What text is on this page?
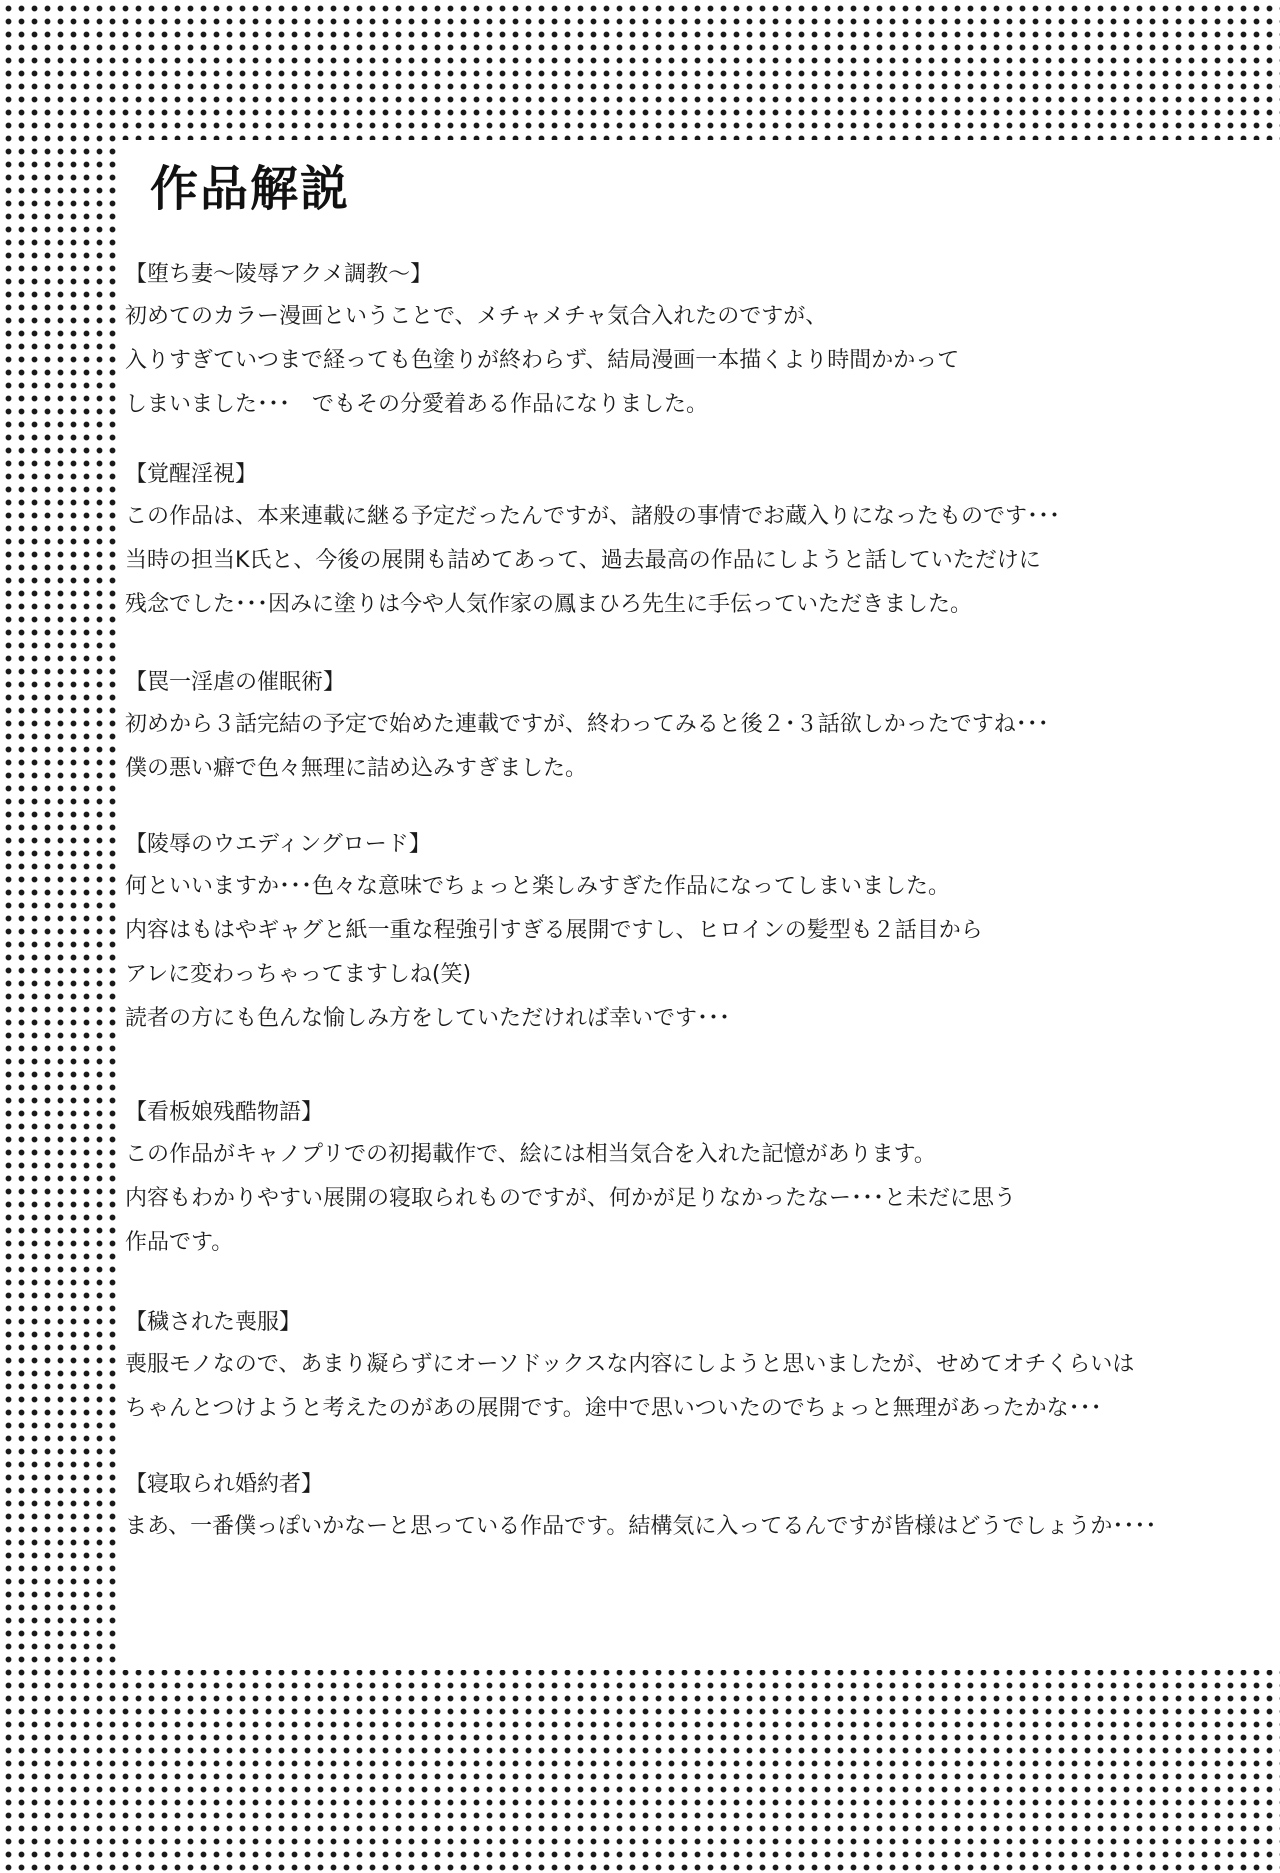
作品解説
【堕ち妻～陵辱アクメ調教～】
初めてのカラー漫画ということで、メチャメチャ気合入れたのですが、
入りすぎていつまで経っても色塗りが終わらず、結局漫画一本描くより時間かかって
しまいました･･･　でもその分愛着ある作品になりました。
【覚醒淫視】
この作品は、本来連載に継る予定だったんですが、諸般の事情でお蔵入りになったものです･･･
当時の担当K氏と、今後の展開も詰めてあって、過去最高の作品にしようと話していただけに
残念でした･･･因みに塗りは今や人気作家の鳳まひろ先生に手伝っていただきました。
【罠一淫虐の催眠術】
初めから３話完結の予定で始めた連載ですが、終わってみると後２･３話欲しかったですね･･･
僕の悪い癖で色々無理に詰め込みすぎました。
【陵辱のウエディングロード】
何といいますか･･･色々な意味でちょっと楽しみすぎた作品になってしまいました。
内容はもはやギャグと紙一重な程強引すぎる展開ですし、ヒロインの髪型も２話目から
アレに変わっちゃってますしね(笑)
読者の方にも色んな愉しみ方をしていただければ幸いです･･･
【看板娘残酷物語】
この作品がキャノプリでの初掲載作で、絵には相当気合を入れた記憶があります。
内容もわかりやすい展開の寝取られものですが、何かが足りなかったなー･･･と未だに思う
作品です。
【穢された喪服】
喪服モノなので、あまり凝らずにオーソドックスな内容にしようと思いましたが、せめてオチくらいは
ちゃんとつけようと考えたのがあの展開です。途中で思いついたのでちょっと無理があったかな･･･
【寝取られ婚約者】
まあ、一番僕っぽいかなーと思っている作品です。結構気に入ってるんですが皆様はどうでしょうか････
